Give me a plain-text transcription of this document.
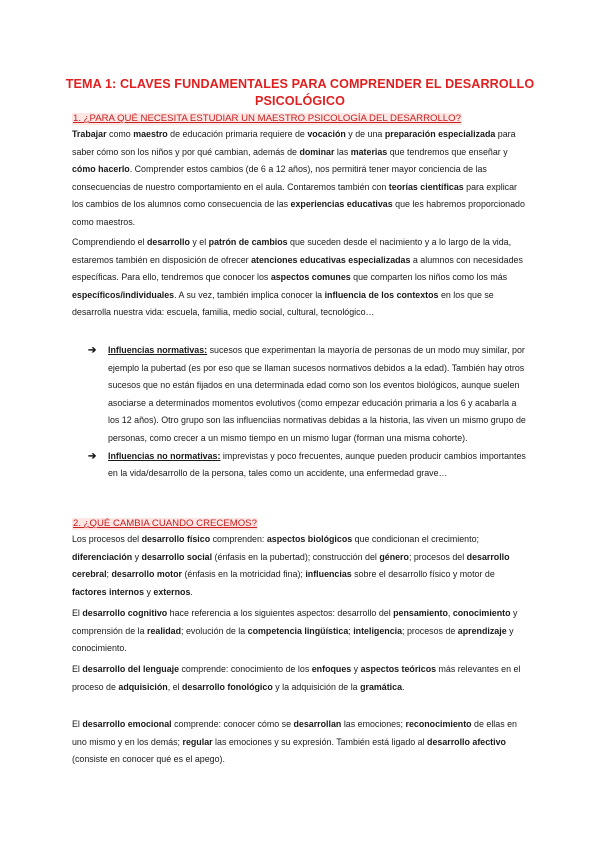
TEMA 1: CLAVES FUNDAMENTALES PARA COMPRENDER EL DESARROLLO
PSICOLÓGICO
1. ¿PARA QUÉ NECESITA ESTUDIAR UN MAESTRO PSICOLOGÍA DEL DESARROLLO?

Trabajar como maestro de educación primaria requiere de vocación y de una preparación especializada para saber cómo son los niños y por qué cambian, además de dominar las materias que tendremos que enseñar y cómo hacerlo. Comprender estos cambios (de 6 a 12 años), nos permitirá tener mayor conciencia de las consecuencias de nuestro comportamiento en el aula. Contaremos también con teorías científicas para explicar los cambios de los alumnos como consecuencia de las experiencias educativas que les habremos proporcionado como maestros.

Comprendiendo el desarrollo y el patrón de cambios que suceden desde el nacimiento y a lo largo de la vida, estaremos también en disposición de ofrecer atenciones educativas especializadas a alumnos con necesidades específicas. Para ello, tendremos que conocer los aspectos comunes que comparten los niños como los más específicos/individuales. A su vez, también implica conocer la influencia de los contextos en los que se desarrolla nuestra vida: escuela, familia, medio social, cultural, tecnológico…

➔ Influencias normativas: sucesos que experimentan la mayoría de personas de un modo muy similar, por ejemplo la pubertad (es por eso que se llaman sucesos normativos debidos a la edad). También hay otros sucesos que no están fijados en una determinada edad como son los eventos biológicos, aunque suelen asociarse a determinados momentos evolutivos (como empezar educación primaria a los 6 y acabarla a los 12 años). Otro grupo son las influenciias normativas debidas a la historia, las viven un mismo grupo de personas, como crecer a un mismo tiempo en un mismo lugar (forman una misma cohorte).
➔ Influencias no normativas: imprevistas y poco frecuentes, aunque pueden producir cambios importantes en la vida/desarrollo de la persona, tales como un accidente, una enfermedad grave…
2. ¿QUÉ CAMBIA CUANDO CRECEMOS?

Los procesos del desarrollo físico comprenden: aspectos biológicos que condicionan el crecimiento; diferenciación y desarrollo social (énfasis en la pubertad); construcción del género; procesos del desarrollo cerebral; desarrollo motor (énfasis en la motricidad fina); influencias sobre el desarrollo físico y motor de factores internos y externos.

El desarrollo cognitivo hace referencia a los siguientes aspectos: desarrollo del pensamiento, conocimiento y comprensión de la realidad; evolución de la competencia lingüística; inteligencia; procesos de aprendizaje y conocimiento.

El desarrollo del lenguaje comprende: conocimiento de los enfoques y aspectos teóricos más relevantes en el proceso de adquisición, el desarrollo fonológico y la adquisición de la gramática.

El desarrollo emocional comprende: conocer cómo se desarrollan las emociones; reconocimiento de ellas en uno mismo y en los demás; regular las emociones y su expresión. También está ligado al desarrollo afectivo (consiste en conocer qué es el apego).
